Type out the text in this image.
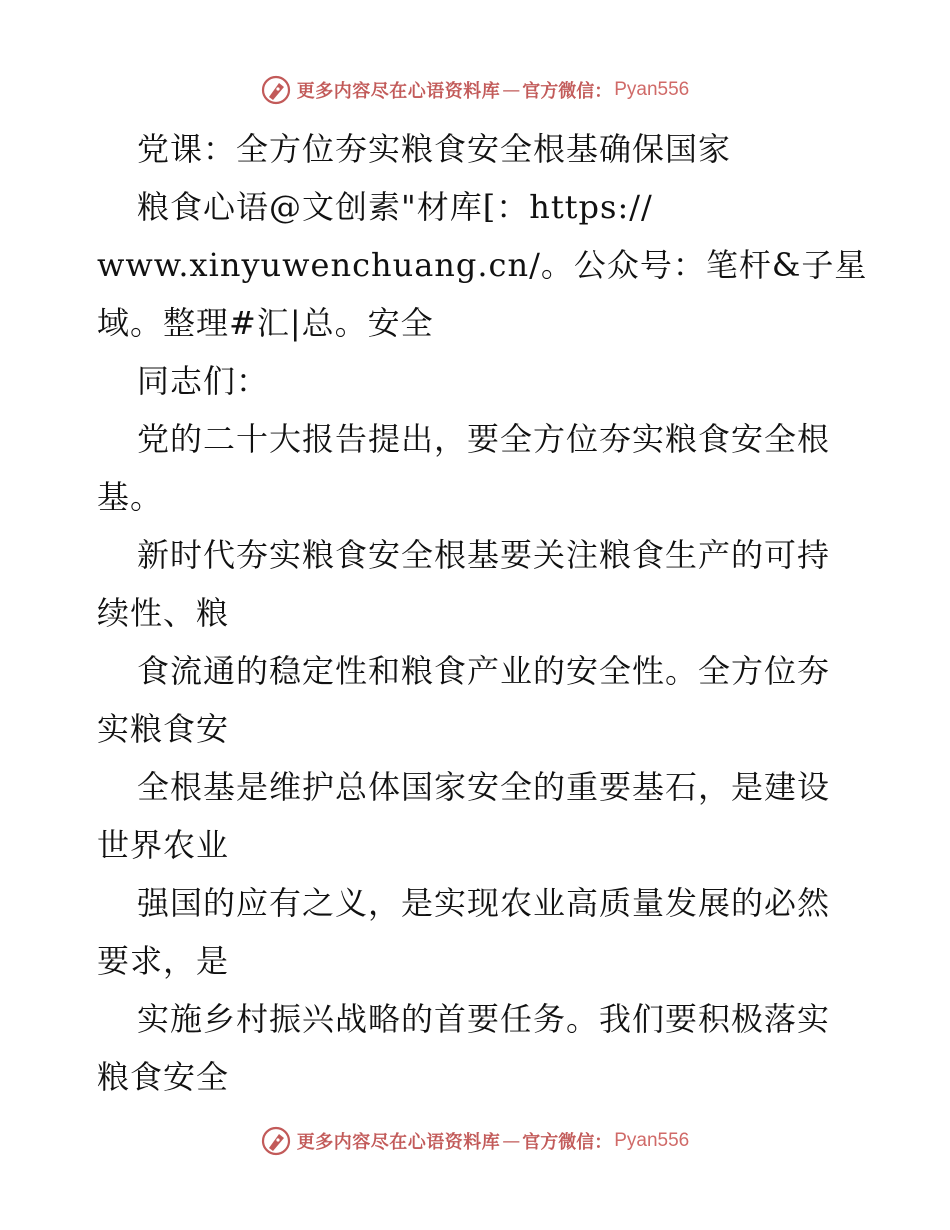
更多内容尽在心语资料库 — 官方微信： Pyan556
党课：全方位夯实粮食安全根基确保国家
粮食心语@文创素"材库[：https://
www.xinyuwenchuang.cn/。公众号：笔杆&子星
域。整理#汇|总。安全
同志们：
党的二十大报告提出，要全方位夯实粮食安全根
基。
新时代夯实粮食安全根基要关注粮食生产的可持
续性、粮
食流通的稳定性和粮食产业的安全性。全方位夯
实粮食安
全根基是维护总体国家安全的重要基石，是建设
世界农业
强国的应有之义，是实现农业高质量发展的必然
要求，是
实施乡村振兴战略的首要任务。我们要积极落实
粮食安全
更多内容尽在心语资料库 — 官方微信： Pyan556
